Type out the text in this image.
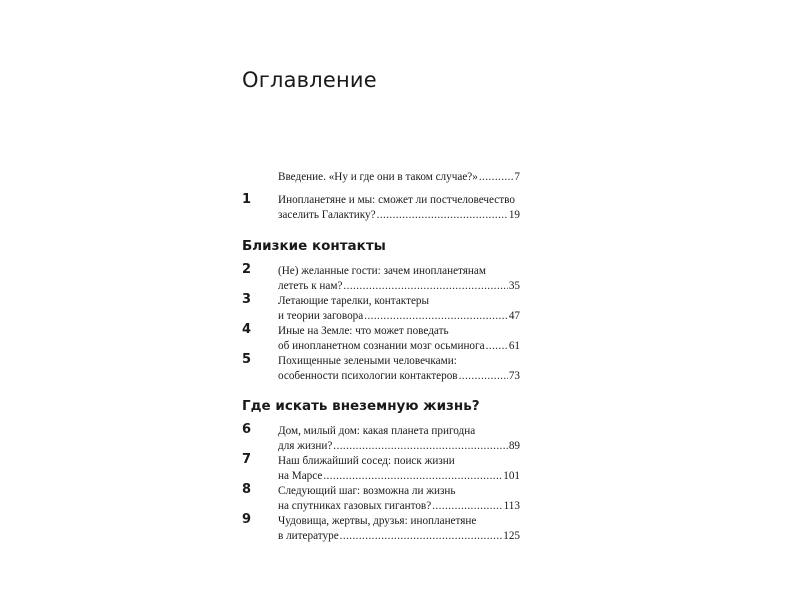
Оглавление
Введение. «Ну и где они в таком случае?» .....	7
1 Инопланетяне и мы: сможет ли постчеловечество
заселить Галактику? .....	19
Близкие контакты
2 (Не) желанные гости: зачем инопланетянам
лететь к нам? .....	35
3 Летающие тарелки, контактеры
и теории заговора .....	47
4 Иные на Земле: что может поведать
об инопланетном сознании мозг осьминога ..... 61
5 Похищенные зелеными человечками:
особенности психологии контактеров .....	73
Где искать внеземную жизнь?
6 Дом, милый дом: какая планета пригодна
для жизни? .....	89
7 Наш ближайший сосед: поиск жизни
на Марсе .....	101
8 Следующий шаг: возможна ли жизнь
на спутниках газовых гигантов? .....	113
9 Чудовища, жертвы, друзья: инопланетяне
в литературе .....	125
